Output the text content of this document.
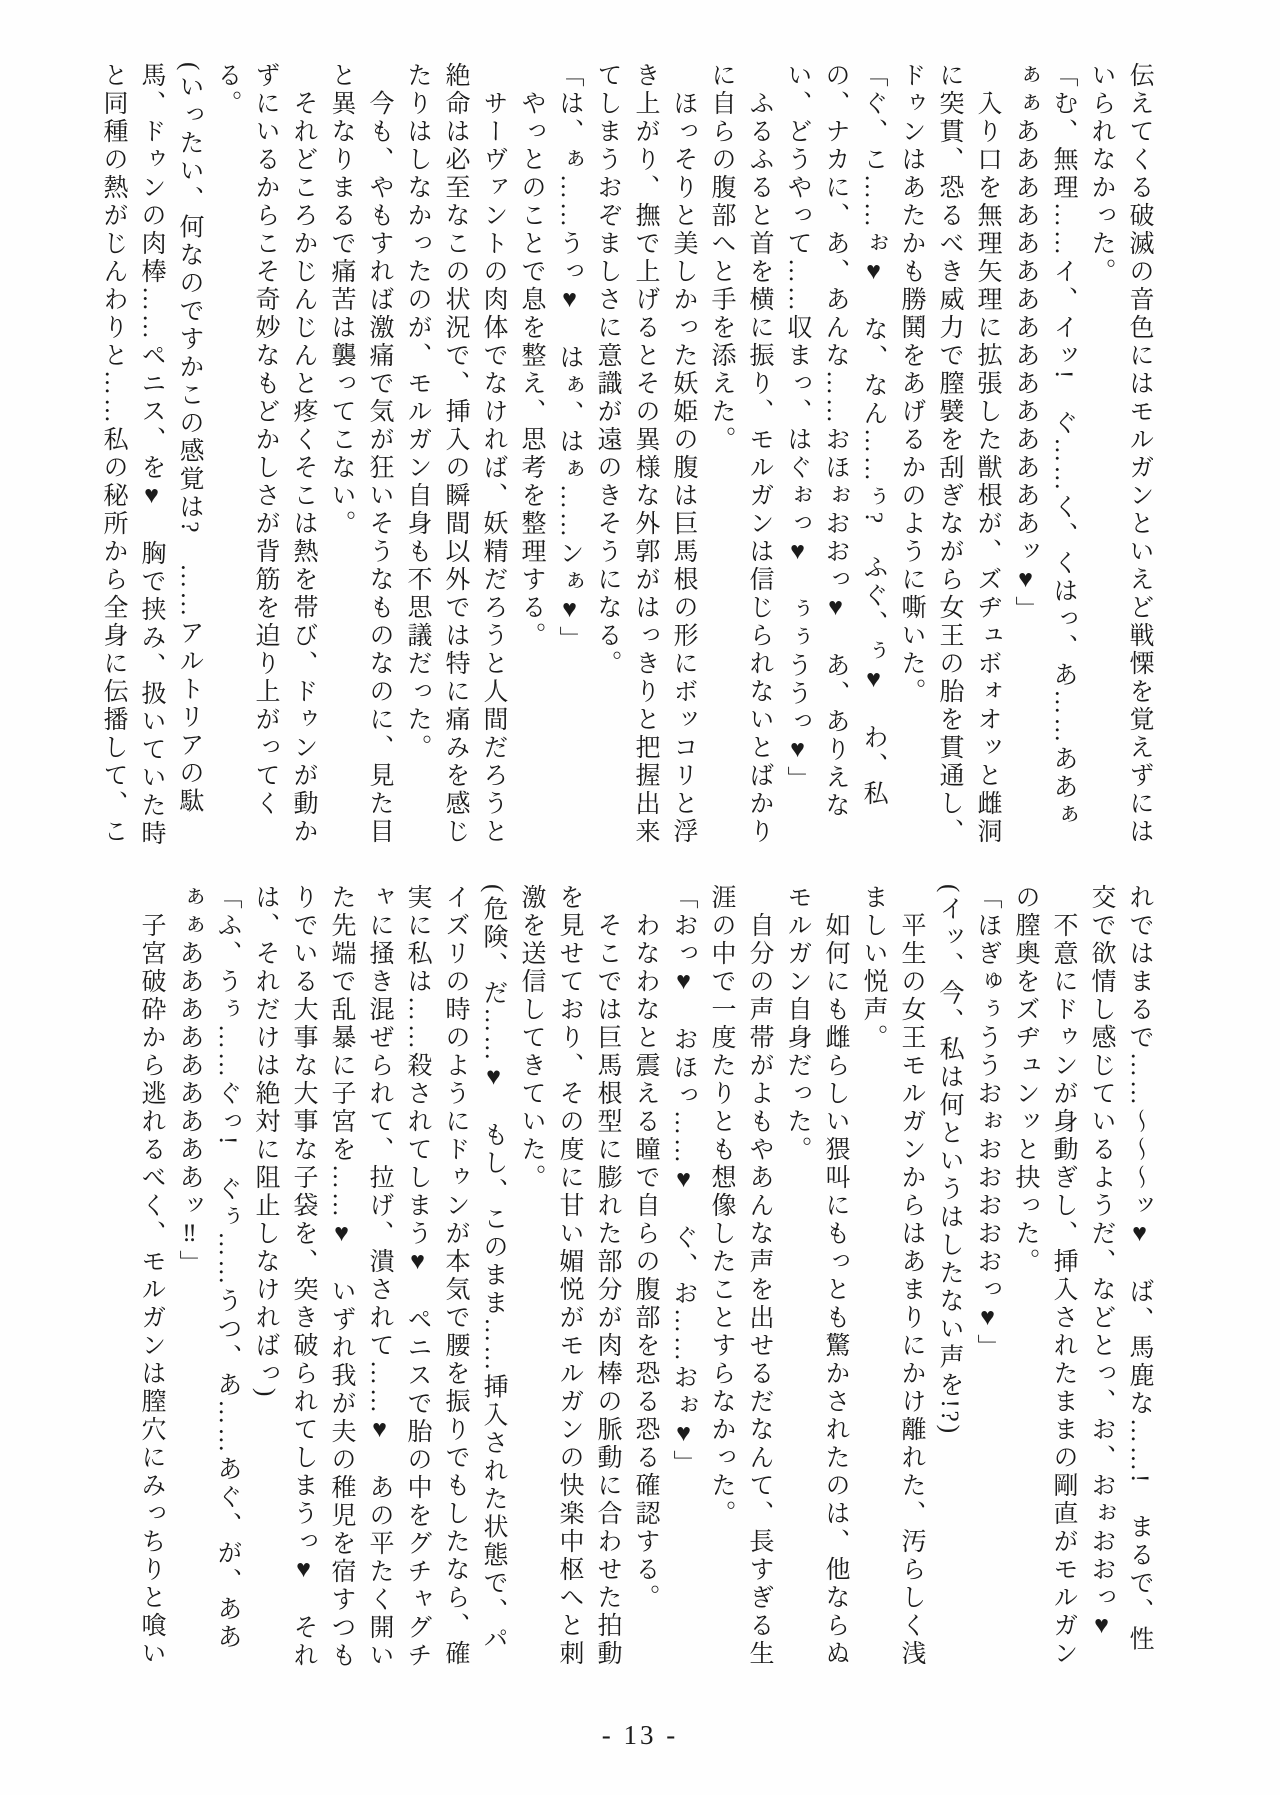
伝えてくる破滅の音色にはモルガンといえど戦慄を覚えずにはいられなかった。

「む、無理……イ、イッ!　ぐ……く、くはっ、あ……ああぁぁぁあああああああああああああああッ♥」

入り口を無理矢理に拡張した獣根が、ズヂュボォオッと雌洞に突貫、恐るべき威力で膣襞を刮ぎながら女王の胎を貫通し、ドゥンはあたかも勝鬨をあげるかのように嘶いた。

「ぐ、こ……ぉ♥　な、なん……ぅ?　ふぐ、ぅ♥　わ、私の、ナカに、あ、あんな……おほぉおおっ♥　あ、ありえない、どうやって……収まっ、はぐぉっ♥　ぅぅううっ♥」

ふるふると首を横に振り、モルガンは信じられないとばかりに自らの腹部へと手を添えた。

ほっそりと美しかった妖姫の腹は巨馬根の形にボッコリと浮き上がり、撫で上げるとその異様な外郭がはっきりと把握出来てしまうおぞましさに意識が遠のきそうになる。

「は、ぁ……うっ♥　はぁ、はぁ……ンぁ♥」

やっとのことで息を整え、思考を整理する。

サーヴァントの肉体でなければ、妖精だろうと人間だろうと絶命は必至なこの状況で、挿入の瞬間以外では特に痛みを感じたりはしなかったのが、モルガン自身も不思議だった。

今も、やもすれば激痛で気が狂いそうなものなのに、見た目と異なりまるで痛苦は襲ってこない。

それどころかじんじんと疼くそこは熱を帯び、ドゥンが動かずにいるからこそ奇妙なもどかしさが背筋を迫り上がってくる。

(いったい、何なのですかこの感覚は?　……アルトリアの駄馬、ドゥンの肉棒……ペニス、を♥　胸で挟み、扱いていた時と同種の熱がじんわりと……私の秘所から全身に伝播して、こ

れではまるで……～～～ッ♥　ば、馬鹿な……!　まるで、性交で欲情し感じているようだ、などとっ、お、おぉおおっ♥

不意にドゥンが身動ぎし、挿入されたままの剛直がモルガンの膣奥をズヂュンッと抉った。

「ほぎゅぅううおぉおおおおおっ♥」

(イッ、今、私は何というはしたない声を!?)

平生の女王モルガンからはあまりにかけ離れた、汚らしく浅ましい悦声。

如何にも雌らしい猥叫にもっとも驚かされたのは、他ならぬモルガン自身だった。

自分の声帯がよもやあんな声を出せるだなんて、長すぎる生涯の中で一度たりとも想像したことすらなかった。

「おっ♥　おほっ……♥　ぐ、お……おぉ♥」

わなわなと震える瞳で自らの腹部を恐る恐る確認する。

そこでは巨馬根型に膨れた部分が肉棒の脈動に合わせた拍動を見せており、その度に甘い媚悦がモルガンの快楽中枢へと刺激を送信してきていた。

(危険、だ……♥　もし、このまま……挿入された状態で、パイズリの時のようにドゥンが本気で腰を振りでもしたなら、確実に私は……殺されてしまう♥　ペニスで胎の中をグチャグチャに掻き混ぜられて、拉げ、潰されて……♥　あの平たく開いた先端で乱暴に子宮を……♥　いずれ我が夫の稚児を宿すつもりでいる大事な大事な子袋を、突き破られてしまうっ♥　それは、それだけは絶対に阻止しなければっ)

「ふ、うぅ……ぐっ!　ぐぅ……うつ、あ……あぐ、が、ああぁぁあああああああああッ‼」

子宮破砕から逃れるべく、モルガンは膣穴にみっちりと喰い

- 13 -
